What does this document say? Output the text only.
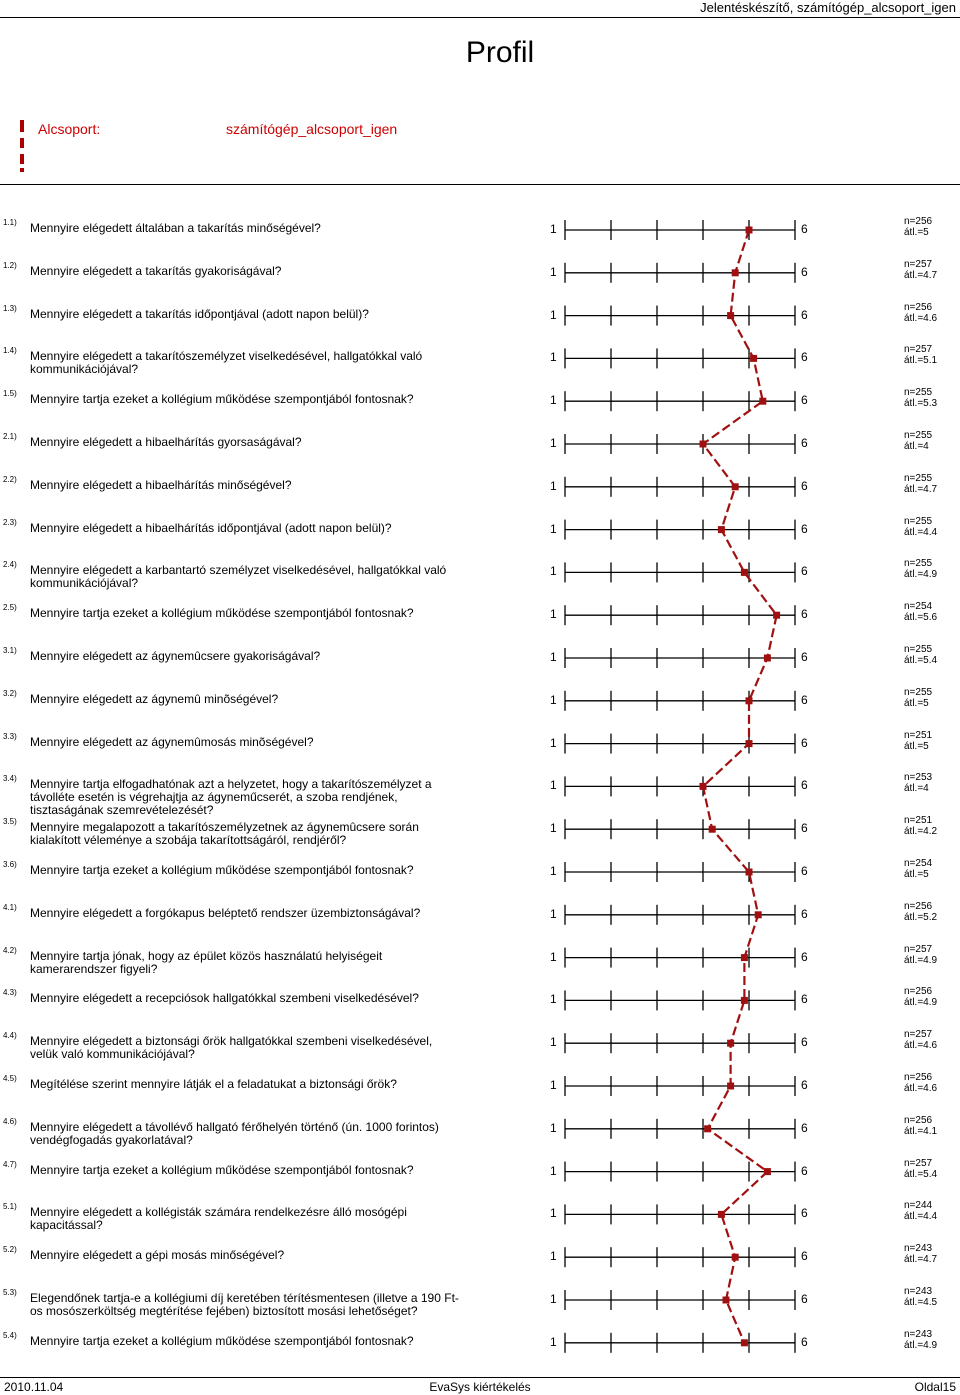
Jelentéskészítő, számítógép_alcsoport_igen
Profil
Alcsoport:	számítógép_alcsoport_igen
1.1) Mennyire elégedett általában a takarítás minőségével?	1	6
n=256
átl.=5
1.2) Mennyire elégedett a takarítás gyakoriságával?	1	6
n=257
átl.=4.7
1.3) Mennyire elégedett a takarítás időpontjával (adott napon belül)?	1	6
n=256
átl.=4.6
1.4) Mennyire elégedett a takarítószemélyzet viselkedésével, hallgatókkal való kommunikációjával?
1	6
n=257
átl.=5.1
1.5) Mennyire tartja ezeket a kollégium működése szempontjából fontosnak?	1	6
n=255
átl.=5.3
2.1) Mennyire elégedett a hibaelhárítás gyorsaságával?	1	6
n=255
átl.=4
2.2) Mennyire elégedett a hibaelhárítás minőségével?	1	6
n=255
átl.=4.7
2.3) Mennyire elégedett a hibaelhárítás időpontjával (adott napon belül)?	1	6
n=255
átl.=4.4
2.4) Mennyire elégedett a karbantartó személyzet viselkedésével, hallgatókkal való kommunikációjával?
1	6
n=255
átl.=4.9
2.5) Mennyire tartja ezeket a kollégium működése szempontjából fontosnak?	1	6
n=254
átl.=5.6
3.1) Mennyire elégedett az ágynemûcsere gyakoriságával?	1	6
n=255
átl.=5.4
3.2) Mennyire elégedett az ágynemû minõségével?	1	6
n=255
átl.=5
3.3) Mennyire elégedett az ágynemûmosás minõségével?	1	6
n=251
átl.=5
3.4) Mennyire tartja elfogadhatónak azt a helyzetet, hogy a takarítószemélyzet a távolléte esetén is végrehajtja az ágyneműcserét, a szoba rendjének, tisztaságának szemrevételezését?
1	6
n=253
átl.=4
3.5) Mennyire megalapozott a takarítószemélyzetnek az ágynemûcsere során kialakított véleménye a szobája takarítottságáról, rendjéről?
1	6
n=251
átl.=4.2
3.6) Mennyire tartja ezeket a kollégium működése szempontjából fontosnak?	1	6
n=254
átl.=5
4.1) Mennyire elégedett a forgókapus beléptető rendszer üzembiztonságával?	1	6
n=256
átl.=5.2
4.2) Mennyire tartja jónak, hogy az épület közös használatú helyiségeit kamerarendszer figyeli?
1	6
n=257
átl.=4.9
4.3) Mennyire elégedett a recepciósok hallgatókkal szembeni viselkedésével?	1	6
n=256
átl.=4.9
4.4) Mennyire elégedett a biztonsági őrök hallgatókkal szembeni viselkedésével, velük való kommunikációjával?
1	6
n=257
átl.=4.6
4.5) Megítélése szerint mennyire látják el a feladatukat a biztonsági őrök?	1	6
n=256
átl.=4.6
4.6) Mennyire elégedett a távollévő hallgató férőhelyén történő (ún. 1000 forintos) vendégfogadás gyakorlatával?
1	6
n=256
átl.=4.1
4.7) Mennyire tartja ezeket a kollégium működése szempontjából fontosnak?	1	6
n=257
átl.=5.4
5.1) Mennyire elégedett a kollégisták számára rendelkezésre álló mosógépi kapacitással?
1	6
n=244
átl.=4.4
5.2) Mennyire elégedett a gépi mosás minőségével?	1	6
n=243
átl.=4.7
5.3) Elegendőnek tartja-e a kollégiumi díj keretében térítésmentesen (illetve a 190 Ft-os mosószerköltség megtérítése fejében) biztosított mosási lehetőséget?
1	6
n=243
átl.=4.5
5.4) Mennyire tartja ezeket a kollégium működése szempontjából fontosnak?	1	6
n=243
átl.=4.9
2010.11.04	EvaSys kiértékelés	Oldal15
